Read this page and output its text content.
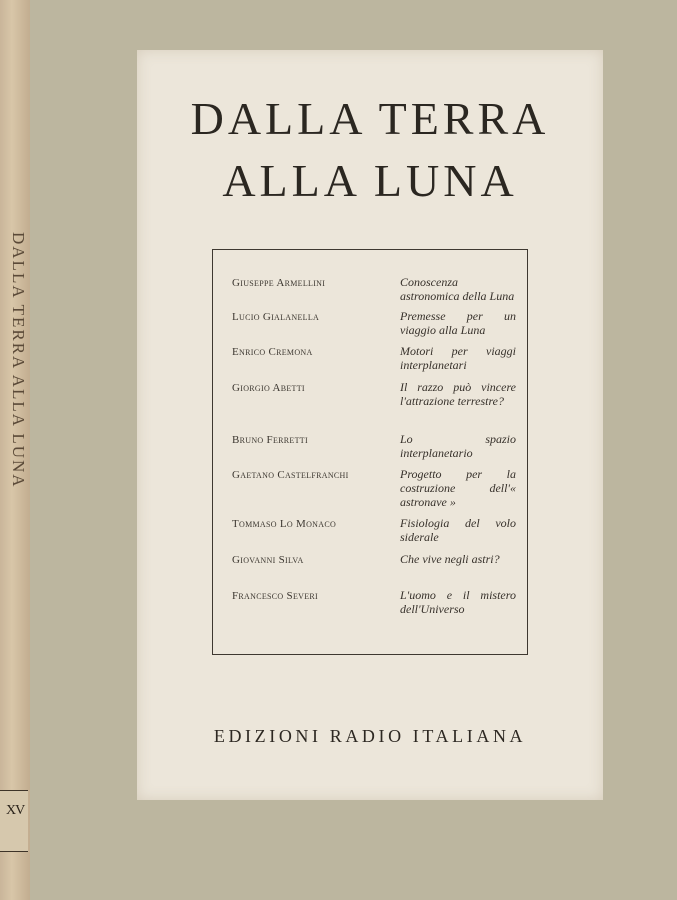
DALLA TERRA ALLA LUNA
XV
DALLA TERRA
ALLA LUNA
Giuseppe Armellini	Conoscenza astronomica della Luna
Lucio Gialanella	Premesse per un viaggio alla Luna
Enrico Cremona	Motori per viaggi interplanetari
Giorgio Abetti	Il razzo può vincere l'attrazione terrestre?
Bruno Ferretti	Lo spazio interplanetario
Gaetano Castelfranchi	Progetto per la costruzione dell'« astronave »
Tommaso Lo Monaco	Fisiologia del volo siderale
Giovanni Silva	Che vive negli astri?
Francesco Severi	L'uomo e il mistero dell'Universo
EDIZIONI RADIO ITALIANA
